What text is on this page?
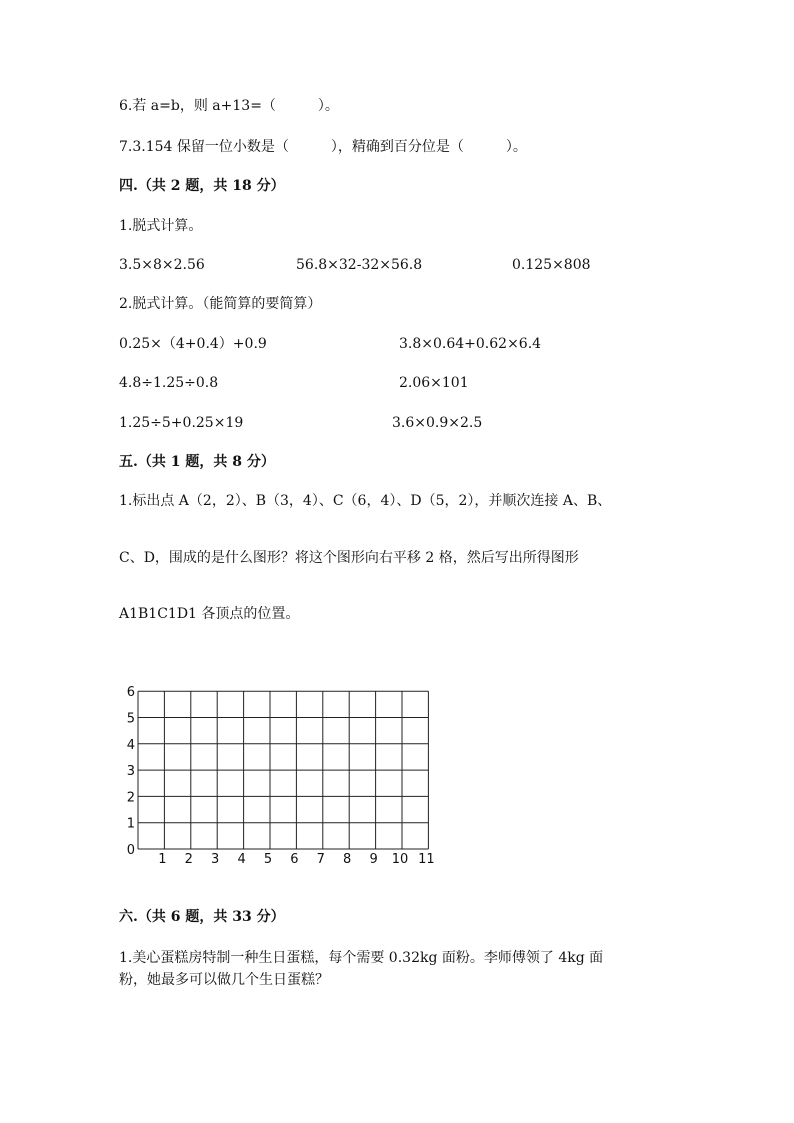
6.若 a=b，则 a+13=（　　　）。
7.3.154 保留一位小数是（　　　），精确到百分位是（　　　）。
四.（共 2 题，共 18 分）
1.脱式计算。
3.5×8×2.56	56.8×32-32×56.8	0.125×808
2.脱式计算。（能简算的要简算）
0.25×（4+0.4）+0.9	3.8×0.64+0.62×6.4
4.8÷1.25÷0.8	2.06×101
1.25÷5+0.25×19	3.6×0.9×2.5
五.（共 1 题，共 8 分）
1.标出点 A（2，2）、B（3，4）、C（6，4）、D（5，2），并顺次连接 A、B、
C、D，围成的是什么图形？将这个图形向右平移 2 格，然后写出所得图形
A1B1C1D1 各顶点的位置。
1 2 3 4 5 6 7 8 9 10 11
0
1
2
3
4
5
6
六.（共 6 题，共 33 分）
1.美心蛋糕房特制一种生日蛋糕，每个需要 0.32kg 面粉。李师傅领了 4kg 面
粉，她最多可以做几个生日蛋糕？
